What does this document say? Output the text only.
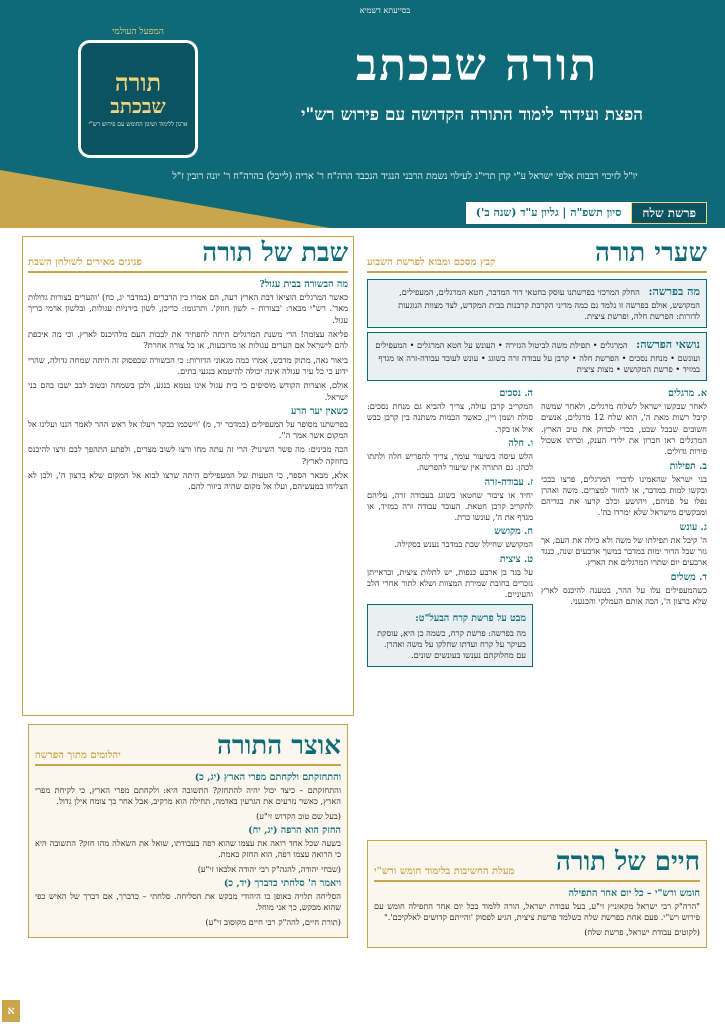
בסייעתא דשמיא
המפעל העולמי
תורה
שבכתב
ארגון ללימוד ושינון החומש עם פירוש רש"י
תורה שבכתב
הפצת ועידוד לימוד התורה הקדושה עם פירוש רש"י
יו"ל לזיכוי רבבות אלפי ישראל ע"י קרן תרי"ג לעילוי נשמת הרבני הנגיד הנכבד הרה"ח ר' אריה (לייבל) בהרה"ח ר' יונה רובין ז"ל
פרשת שלח
סיון תשפ"ה | גליון ע"ד (שנה ב')
שערי תורה
קבץ מסכם ומבוא לפרשת השבוע
מה בפרשה: החלק המרכזי בפרשתנו עוסק בחטאי דור המדבר, חטא המרגלים, המעפילים, המקושש, אולם בפרשה זו נלמד גם כמה מדיני הקרבת קרבנות בבית המקדש, לצד מצוות הנוגעות לדורות: הפרשת חלה, ופרשת ציצית.
נושאי הפרשה: המרגלים • תפילת משה לביטול הגזירה • העונש על חטא המרגלים • המעפילים ועונשם • מנחת נסכים • הפרשת חלה • קרבן על עבודה זרה בשוגג • עונש לעובד עבודה-זרה או מגדף במזיד • פרשת המקושש • מצות ציצית
א. מרגלים
לאחר שבקשו ישראל לשלוח מרגלים, ולאחר שמשה קיבל רשות מאת ה', הוא שלח 12 מרגלים, אנשים חשובים שבכל שבט, בכדי לבדוק את טיב הארץ. המרגלים ראו חברון את ילידי הענק, וכרתו אשכול פירות גדולים.
ב. תפילות
בני ישראל שהאמינו לדברי המרגלים, פרצו בבכי ובקשו למות במדבר, או לחזור למצרים. משה ואהרן נפלו על פניהם, ויהושע וכלב קרעו את בגדיהם ומבקשים מישראל שלא ימרדו בה'.
ג. עונש
ה' קיבל את תפילתו של משה ולא כילה את העם, אך גזר שכל הדור ימות במדבר במשך ארבעים שנה, כנגד ארבעים יום שתרו המרגלים את הארץ.
ד. משלים
כשהמעפילים עלו על ההר, בטענה להיכנס לארץ שלא ברצון ה', הכה אותם העמלקי והכנעני.
ה. נסכים
המקריב קרבן עולה, צריך להביא גם מנחת נסכים: סולת ושמן ויין, כאשר הכמות משתנה בין קרבן כבש איל או בקר.
ו. חלה
הלש עיסה בשיעור עומר, צריך להפריש חלה ולתתו לכהן. גם התורה אין שיעור להפרשה.
ז. עבודה-זרה
יחיד או ציבור שחטאו בשוגג בעבודה זרה, עליהם להקריב קרבן חטאת. העובד עבודה זרה במזיד, או מגדף את ה', עונשו כרת.
ח. מקושש
המקושש שחילל שבת במדבר נענש בסקילה.
ט. ציצית
על בגד בן ארבע כנפות, יש לתלות ציצית, ובראייתן נזכרים בחובת שמירת המצוות ושלא לתור אחרי הלב והעיניים.
מבט על פרשת קרח הבעל"ט:
מה בפרשה: פרשת קרח, כשמה כן היא, עוסקת בעיקר על קרח ועדתו שחלקו על משה ואהרן. עם מחלוקתם נענשו בעונשים שונים.
חיים של תורה
מעלת החשיבות בלימוד חומש ורש"י
חומש ורש"י – כל יום אחר התפילה
"הרה"ק רבי ישראל מקאזניץ זי"ע, בעל עבודת ישראל, הורה ללמוד בכל יום אחר התפילה חומש עם פירוש רש"י. פעם אחת בפרשת שלח כשלמד פרשת ציצית, הגיע לפסוק 'והייתם קדושים לאלקיכם'."
(לקוטים עבודת ישראל, פרשת שלח)
שבת של תורה
פנינים מאירים לשולחן השבת
מה הבשורה בבית עגול?
כאשר המרגלים הוציאו דבת הארץ רעה, הם אמרו בין הדברים (במדבר יג, כח) 'והערים בצורות גדולות מאד'. רש"י מבאר: 'בצורות – לשון חוזק'. ותרגומו: כריכן, לשון בירניות עגולות, ובלשון ארמי כריך עגול.
פליאה עצומה! הרי משנת המרגלים היתה להפחיד את לבבות העם מלהיכנס לארץ. וכי מה איכפת להם לישראל אם הערים עגולות או מרובעות, או כל צורה אחרת?
ביאור נאה, מתוק מדבש, אמרו כמה מגאוני הדורות: כי הבשורה שבפסוק זה היתה שמחה גדולה, שהרי ידוע כי כל עיר עגולה אינה יכולה להיטמא בנגעי בתים.
אולם, אוצרות הקודש מוסיפים כי בית עגול אינו נטמא בנגע, ולכן בשמחה ובטוב לבב ישבו בהם בני ישראל.
כשאין יער הרע
בפרשתנו מסופר על המעפילים (במדבר יד, מ) 'וישכמו בבקר ויעלו אל ראש ההר לאמר הננו ועלינו אל המקום אשר אמר ה''.
הכה מבינים: מה פשר השינוי? הרי זה עתה מחו ורצו לשוב מצרים, ולפתע התהפך לבם ורצו להיכנס בחוזקה לארץ?
אלא, מבאר הספר, כי הטעות של המעפילים היתה שרצו לבוא אל המקום שלא ברצון ה', ולכן לא הצליחו במעשיהם, ועלו אל מקום שהיה ביזור להם.
אוצר התורה
יהלומים מתוך הפרשה
והתחזקתם ולקחתם מפרי הארץ (יג, כ)
והתחזקתם – כיצד יכול יהיה להתחזק? התשובה היא: ולקחתם מפרי הארץ, כי לקיחת מפרי הארץ, כאשר נזרעים את הגרעין באדמה, תחילה הוא מרקיב, אבל אחר כך צומח אילן גדול.
(בעל שם טוב הקדוש זי"ע)
החזק הוא הרפה (יג, יח)
בשעה שכל אחד רואה את עצמו שהוא רפה בעבודתו, שואל את השאלה מהו חזק? התשובה היא כי הרואה עצמו רפה, הוא החזק באמת.
(שבחי יהודה, להגה"ק רבי יהודה אלבאו זי"ע)
ויאמר ה' סלחתי כדברך (יד, כ)
הסליחה תלויה באופן בו היהודי מבקש את הסליחה. סלחתי – כדברך, אם דברך של האיש כפי שהוא מבקש, כך אני מוחל.
(תורת חיים, להה"ק רבי חיים מקוסוב זי"ע)
א
